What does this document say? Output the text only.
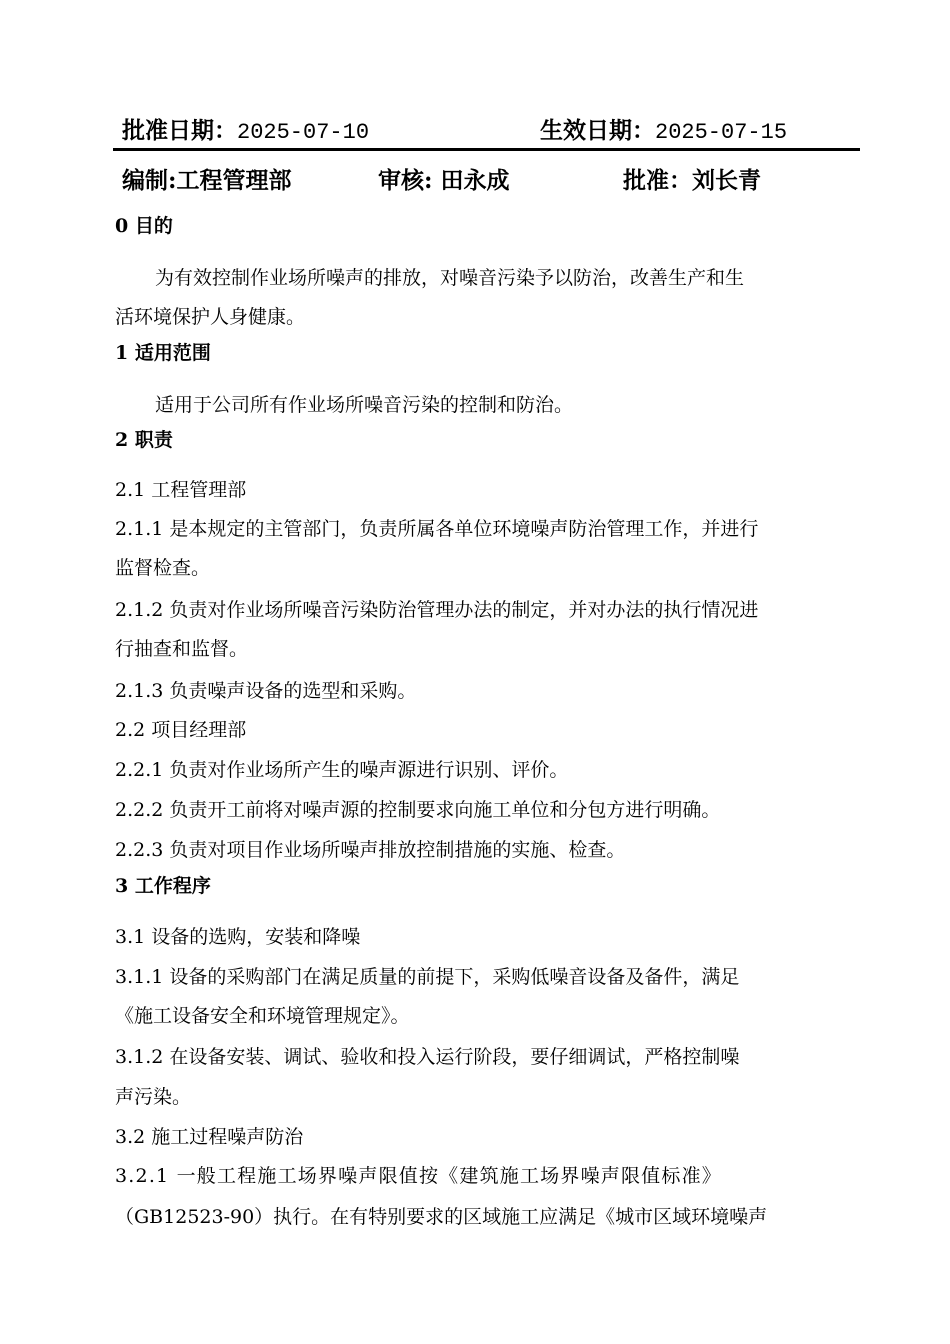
批准日期：2025-07-10	生效日期：2025-07-15
编制:工程管理部	审核: 田永成	批准：刘长青
0 目的
为有效控制作业场所噪声的排放，对噪音污染予以防治，改善生产和生
活环境保护人身健康。
1 适用范围
适用于公司所有作业场所噪音污染的控制和防治。
2 职责
2.1 工程管理部
2.1.1 是本规定的主管部门，负责所属各单位环境噪声防治管理工作，并进行
监督检查。
2.1.2 负责对作业场所噪音污染防治管理办法的制定，并对办法的执行情况进
行抽查和监督。
2.1.3 负责噪声设备的选型和采购。
2.2 项目经理部
2.2.1 负责对作业场所产生的噪声源进行识别、评价。
2.2.2 负责开工前将对噪声源的控制要求向施工单位和分包方进行明确。
2.2.3 负责对项目作业场所噪声排放控制措施的实施、检查。
3 工作程序
3.1 设备的选购，安装和降噪
3.1.1 设备的采购部门在满足质量的前提下，采购低噪音设备及备件，满足
《施工设备安全和环境管理规定》。
3.1.2 在设备安装、调试、验收和投入运行阶段，要仔细调试，严格控制噪
声污染。
3.2 施工过程噪声防治
3.2.1 一般工程施工场界噪声限值按《建筑施工场界噪声限值标准》
（GB12523-90）执行。在有特别要求的区域施工应满足《城市区域环境噪声
